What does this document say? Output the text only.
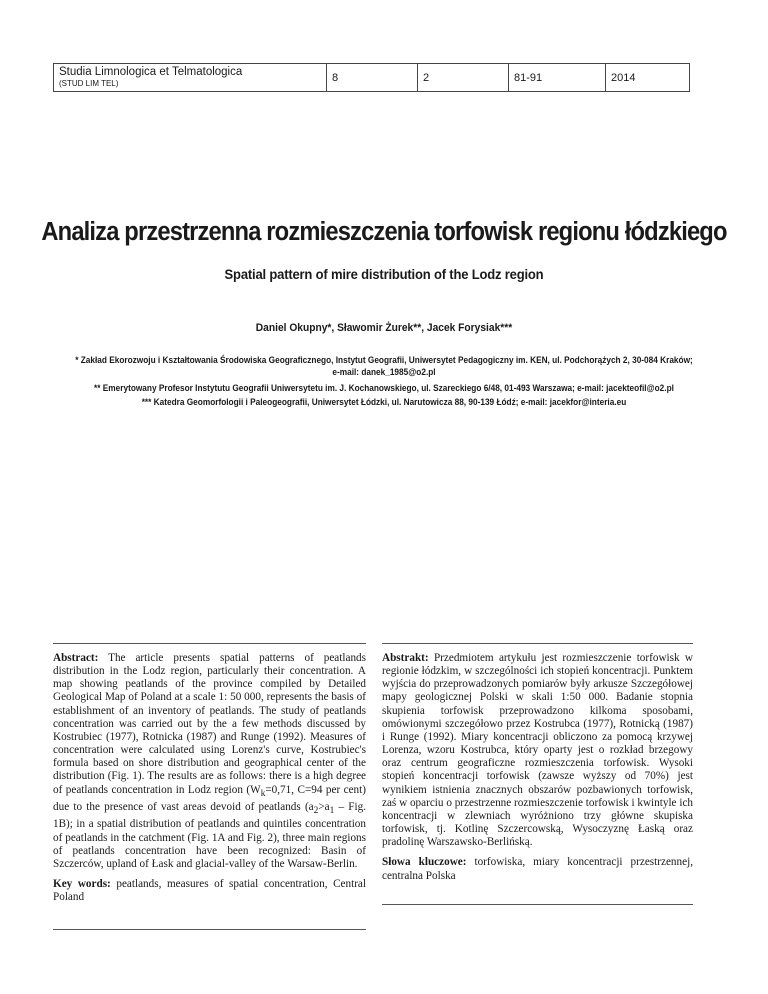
Studia Limnologica et Telmatologica
(STUD LIM TEL)	8	2	81-91	2014
Analiza przestrzenna rozmieszczenia torfowisk regionu łódzkiego
Spatial pattern of mire distribution of the Lodz region
Daniel Okupny*, Sławomir Żurek**, Jacek Forysiak***
* Zakład Ekorozwoju i Kształtowania Środowiska Geograficznego, Instytut Geografii, Uniwersytet Pedagogiczny im. KEN, ul. Podchorążych 2, 30-084 Kraków;
e-mail: danek_1985@o2.pl
** Emerytowany Profesor Instytutu Geografii Uniwersytetu im. J. Kochanowskiego, ul. Szareckiego 6/48, 01-493 Warszawa; e-mail: jacekteofil@o2.pl
*** Katedra Geomorfologii i Paleogeografii, Uniwersytet Łódzki, ul. Narutowicza 88, 90-139 Łódź; e-mail: jacekfor@interia.eu

Abstract: The article presents spatial patterns of peatlands distribution in the Lodz region, particularly their concentration. A map showing peatlands of the province compiled by Detailed Geological Map of Poland at a scale 1: 50 000, represents the basis of establishment of an inventory of peatlands. The study of peatlands concentration was carried out by the a few methods discussed by Kostrubiec (1977), Rotnicka (1987) and Runge (1992). Measures of concentration were calculated using Lorenz's curve, Kostrubiec's formula based on shore distribution and geographical center of the distribution (Fig. 1). The results are as follows: there is a high degree of peatlands concentration in Lodz region ($W_k=0,71$, C=94 per cent) due to the presence of vast areas devoid of peatlands ($a_2>a_1$ – Fig. 1B); in a spatial distribution of peatlands and quintiles concentration of peatlands in the catchment (Fig. 1A and Fig. 2), three main regions of peatlands concentration have been recognized: Basin of Szczerców, upland of Łask and glacial-valley of the Warsaw-Berlin.

Key words: peatlands, measures of spatial concentration, Central Poland

Abstrakt: Przedmiotem artykułu jest rozmieszczenie torfowisk w regionie łódzkim, w szczególności ich stopień koncentracji. Punktem wyjścia do przeprowadzonych pomiarów były arkusze Szczegółowej mapy geologicznej Polski w skali 1:50 000. Badanie stopnia skupienia torfowisk przeprowadzono kilkoma sposobami, omówionymi szczegółowo przez Kostrubca (1977), Rotnicką (1987) i Runge (1992). Miary koncentracji obliczono za pomocą krzywej Lorenza, wzoru Kostrubca, który oparty jest o rozkład brzegowy oraz centrum geograficzne rozmieszczenia torfowisk. Wysoki stopień koncentracji torfowisk (zawsze wyższy od 70%) jest wynikiem istnienia znacznych obszarów pozbawionych torfowisk, zaś w oparciu o przestrzenne rozmieszczenie torfowisk i kwintyle ich koncentracji w zlewniach wyróżniono trzy główne skupiska torfowisk, tj. Kotlinę Szczercowską, Wysoczyznę Łaską oraz pradolinę Warszawsko-Berlińską.

Słowa kluczowe: torfowiska, miary koncentracji przestrzennej, centralna Polska
